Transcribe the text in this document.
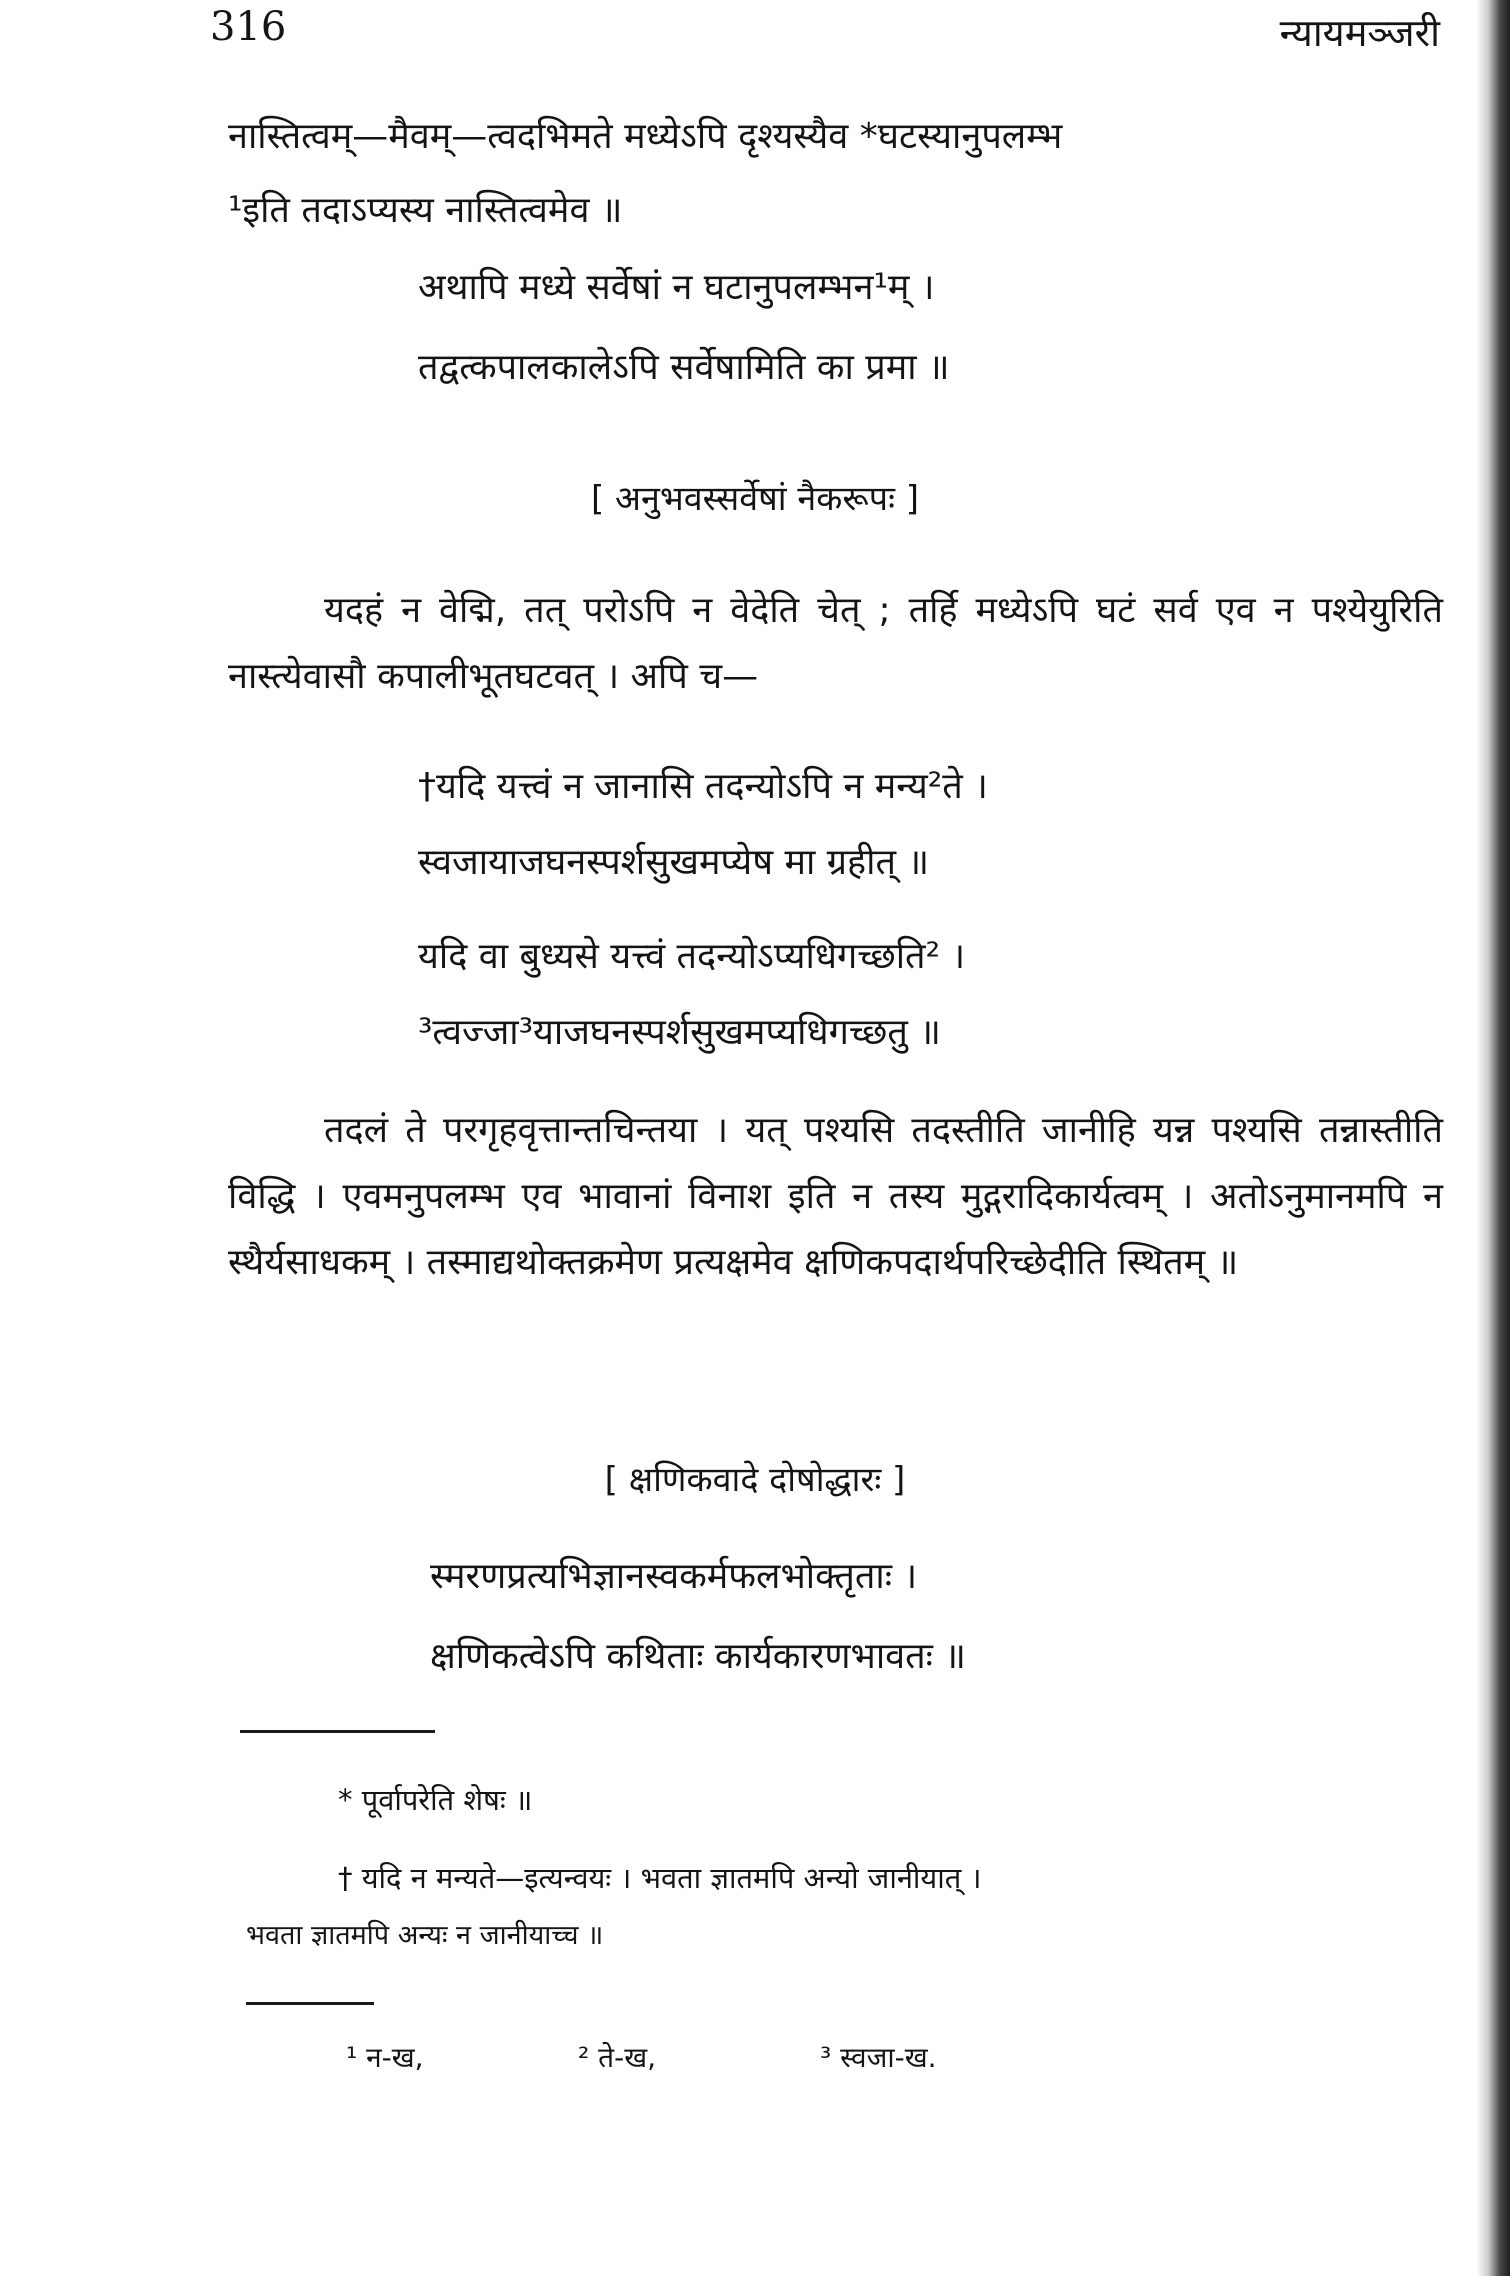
316	न्यायमञ्जरी

नास्तित्वम्—मैवम्—त्वदभिमते मध्येऽपि दृश्यस्यैव *घटस्यानुपलम्भ

¹इति तदाऽप्यस्य नास्तित्वमेव ॥

अथापि मध्ये सर्वेषां न घटानुपलम्भन¹म् ।

तद्वत्कपालकालेऽपि सर्वेषामिति का प्रमा ॥

[ अनुभवस्सर्वेषां नैकरूपः ]

यदहं न वेद्मि, तत् परोऽपि न वेदेति चेत् ; तर्हि मध्येऽपि घटं सर्व एव न पश्येयुरिति नास्त्येवासौ कपालीभूतघटवत् । अपि च—

†यदि यत्त्वं न जानासि तदन्योऽपि न मन्य²ते ।

स्वजायाजघनस्पर्शसुखमप्येष मा ग्रहीत् ॥

यदि वा बुध्यसे यत्त्वं तदन्योऽप्यधिगच्छति² ।

³त्वज्जा³याजघनस्पर्शसुखमप्यधिगच्छतु ॥

तदलं ते परगृहवृत्तान्तचिन्तया । यत् पश्यसि तदस्तीति जानीहि यन्न पश्यसि तन्नास्तीति विद्धि । एवमनुपलम्भ एव भावानां विनाश इति न तस्य मुद्गरादिकार्यत्वम् । अतोऽनुमानमपि न स्थैर्यसाधकम् । तस्माद्यथोक्तक्रमेण प्रत्यक्षमेव क्षणिकपदार्थपरिच्छेदीति स्थितम् ॥

[ क्षणिकवादे दोषोद्धारः ]

स्मरणप्रत्यभिज्ञानस्वकर्मफलभोक्तृताः ।

क्षणिकत्वेऽपि कथिताः कार्यकारणभावतः ॥

* पूर्वापरेति शेषः ॥

† यदि न मन्यते—इत्यन्वयः । भवता ज्ञातमपि अन्यो जानीयात् ।

भवता ज्ञातमपि अन्यः न जानीयाच्च ॥

¹ न-ख,	² ते-ख,	³ स्वजा-ख.
